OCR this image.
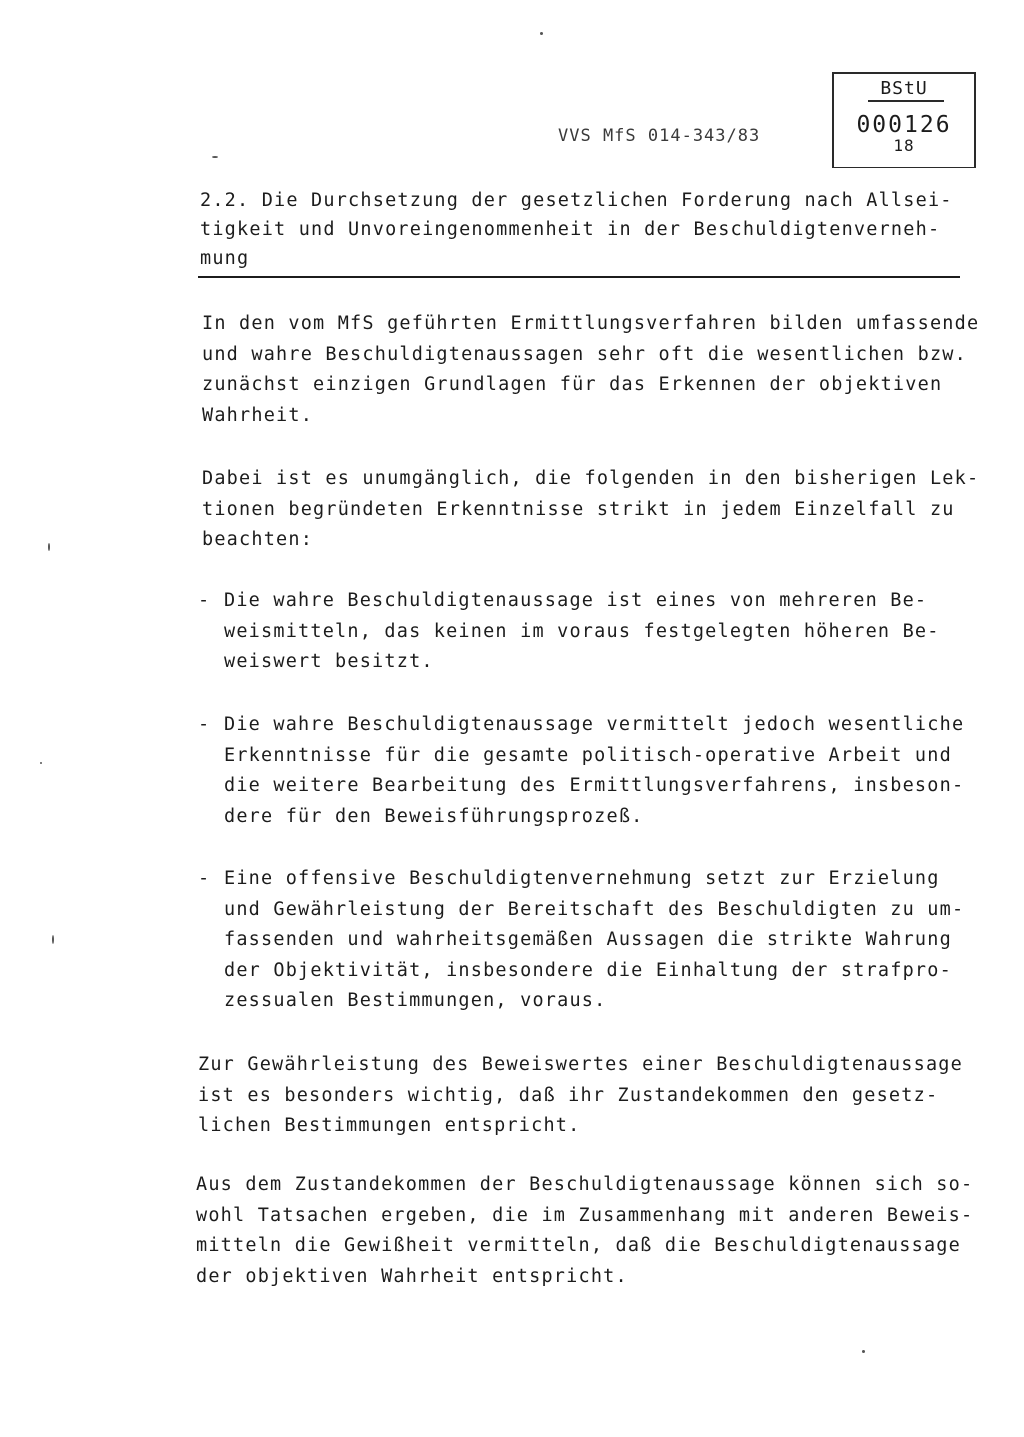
VVS MfS 014-343/83
BStU
000126
18
2.2. Die Durchsetzung der gesetzlichen Forderung nach Allsei-
tigkeit und Unvoreingenommenheit in der Beschuldigtenverneh-
mung

In den vom MfS geführten Ermittlungsverfahren bilden umfassende
und wahre Beschuldigtenaussagen sehr oft die wesentlichen bzw.
zunächst einzigen Grundlagen für das Erkennen der objektiven
Wahrheit.

Dabei ist es unumgänglich, die folgenden in den bisherigen Lek-
tionen begründeten Erkenntnisse strikt in jedem Einzelfall zu
beachten:

- Die wahre Beschuldigtenaussage ist eines von mehreren Be-
weismitteln, das keinen im voraus festgelegten höheren Be-
weiswert besitzt.
- Die wahre Beschuldigtenaussage vermittelt jedoch wesentliche
Erkenntnisse für die gesamte politisch-operative Arbeit und
die weitere Bearbeitung des Ermittlungsverfahrens, insbeson-
dere für den Beweisführungsprozeß.
- Eine offensive Beschuldigtenvernehmung setzt zur Erzielung
und Gewährleistung der Bereitschaft des Beschuldigten zu um-
fassenden und wahrheitsgemäßen Aussagen die strikte Wahrung
der Objektivität, insbesondere die Einhaltung der strafpro-
zessualen Bestimmungen, voraus.

Zur Gewährleistung des Beweiswertes einer Beschuldigtenaussage
ist es besonders wichtig, daß ihr Zustandekommen den gesetz-
lichen Bestimmungen entspricht.

Aus dem Zustandekommen der Beschuldigtenaussage können sich so-
wohl Tatsachen ergeben, die im Zusammenhang mit anderen Beweis-
mitteln die Gewißheit vermitteln, daß die Beschuldigtenaussage
der objektiven Wahrheit entspricht.
